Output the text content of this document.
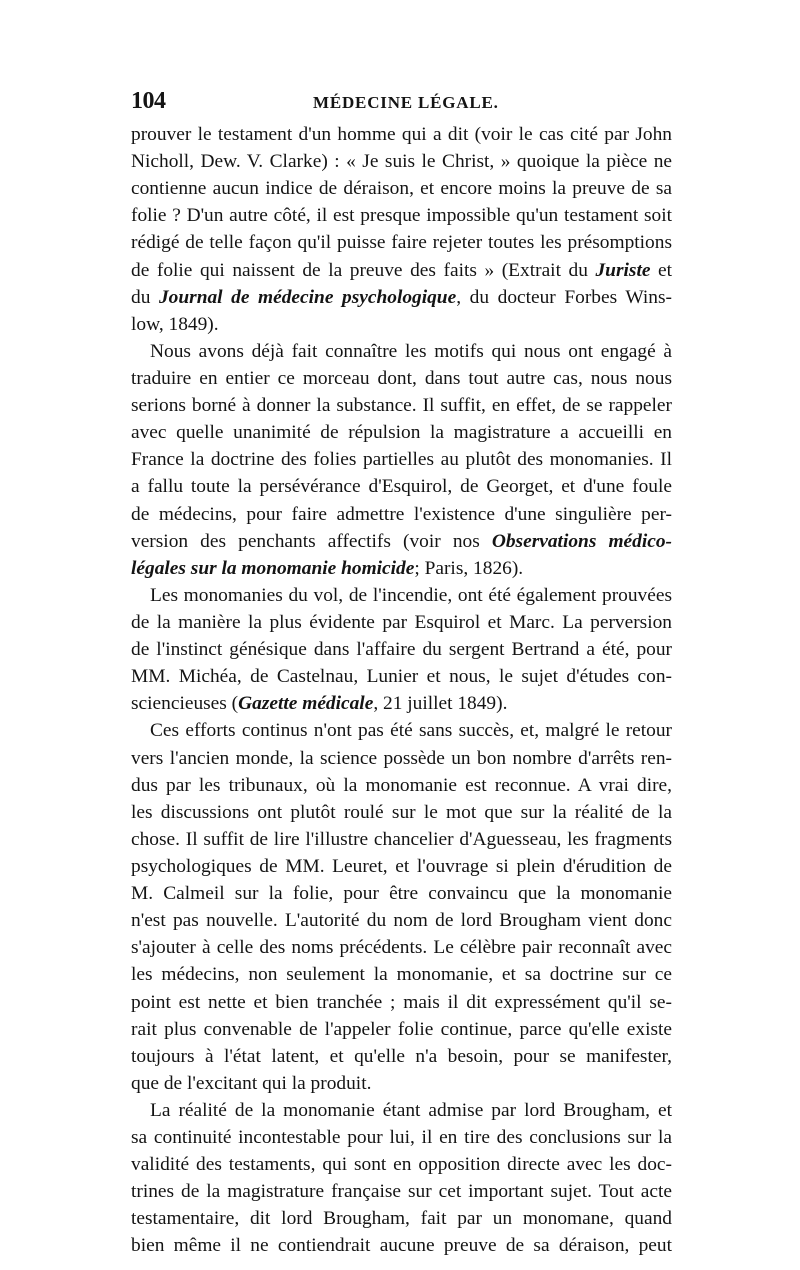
104	MÉDECINE LÉGALE.
prouver le testament d'un homme qui a dit (voir le cas cité par John
Nicholl, Dew. V. Clarke) : « Je suis le Christ, » quoique la pièce ne
contienne aucun indice de déraison, et encore moins la preuve de sa
folie ? D'un autre côté, il est presque impossible qu'un testament soit
rédigé de telle façon qu'il puisse faire rejeter toutes les présomptions
de folie qui naissent de la preuve des faits » (Extrait du Juriste et
du Journal de médecine psychologique, du docteur Forbes Wins-
low, 1849).
Nous avons déjà fait connaître les motifs qui nous ont engagé à
traduire en entier ce morceau dont, dans tout autre cas, nous nous
serions borné à donner la substance. Il suffit, en effet, de se rappeler
avec quelle unanimité de répulsion la magistrature a accueilli en
France la doctrine des folies partielles au plutôt des monomanies. Il
a fallu toute la persévérance d'Esquirol, de Georget, et d'une foule
de médecins, pour faire admettre l'existence d'une singulière per-
version des penchants affectifs (voir nos Observations médico-
légales sur la monomanie homicide; Paris, 1826).
Les monomanies du vol, de l'incendie, ont été également prouvées
de la manière la plus évidente par Esquirol et Marc. La perversion
de l'instinct génésique dans l'affaire du sergent Bertrand a été, pour
MM. Michéa, de Castelnau, Lunier et nous, le sujet d'études con-
sciencieuses (Gazette médicale, 21 juillet 1849).
Ces efforts continus n'ont pas été sans succès, et, malgré le retour
vers l'ancien monde, la science possède un bon nombre d'arrêts ren-
dus par les tribunaux, où la monomanie est reconnue. A vrai dire,
les discussions ont plutôt roulé sur le mot que sur la réalité de la
chose. Il suffit de lire l'illustre chancelier d'Aguesseau, les fragments
psychologiques de MM. Leuret, et l'ouvrage si plein d'érudition de
M. Calmeil sur la folie, pour être convaincu que la monomanie
n'est pas nouvelle. L'autorité du nom de lord Brougham vient donc
s'ajouter à celle des noms précédents. Le célèbre pair reconnaît avec
les médecins, non seulement la monomanie, et sa doctrine sur ce
point est nette et bien tranchée ; mais il dit expressément qu'il se-
rait plus convenable de l'appeler folie continue, parce qu'elle existe
toujours à l'état latent, et qu'elle n'a besoin, pour se manifester,
que de l'excitant qui la produit.
La réalité de la monomanie étant admise par lord Brougham, et
sa continuité incontestable pour lui, il en tire des conclusions sur la
validité des testaments, qui sont en opposition directe avec les doc-
trines de la magistrature française sur cet important sujet. Tout acte
testamentaire, dit lord Brougham, fait par un monomane, quand
bien même il ne contiendrait aucune preuve de sa déraison, peut
